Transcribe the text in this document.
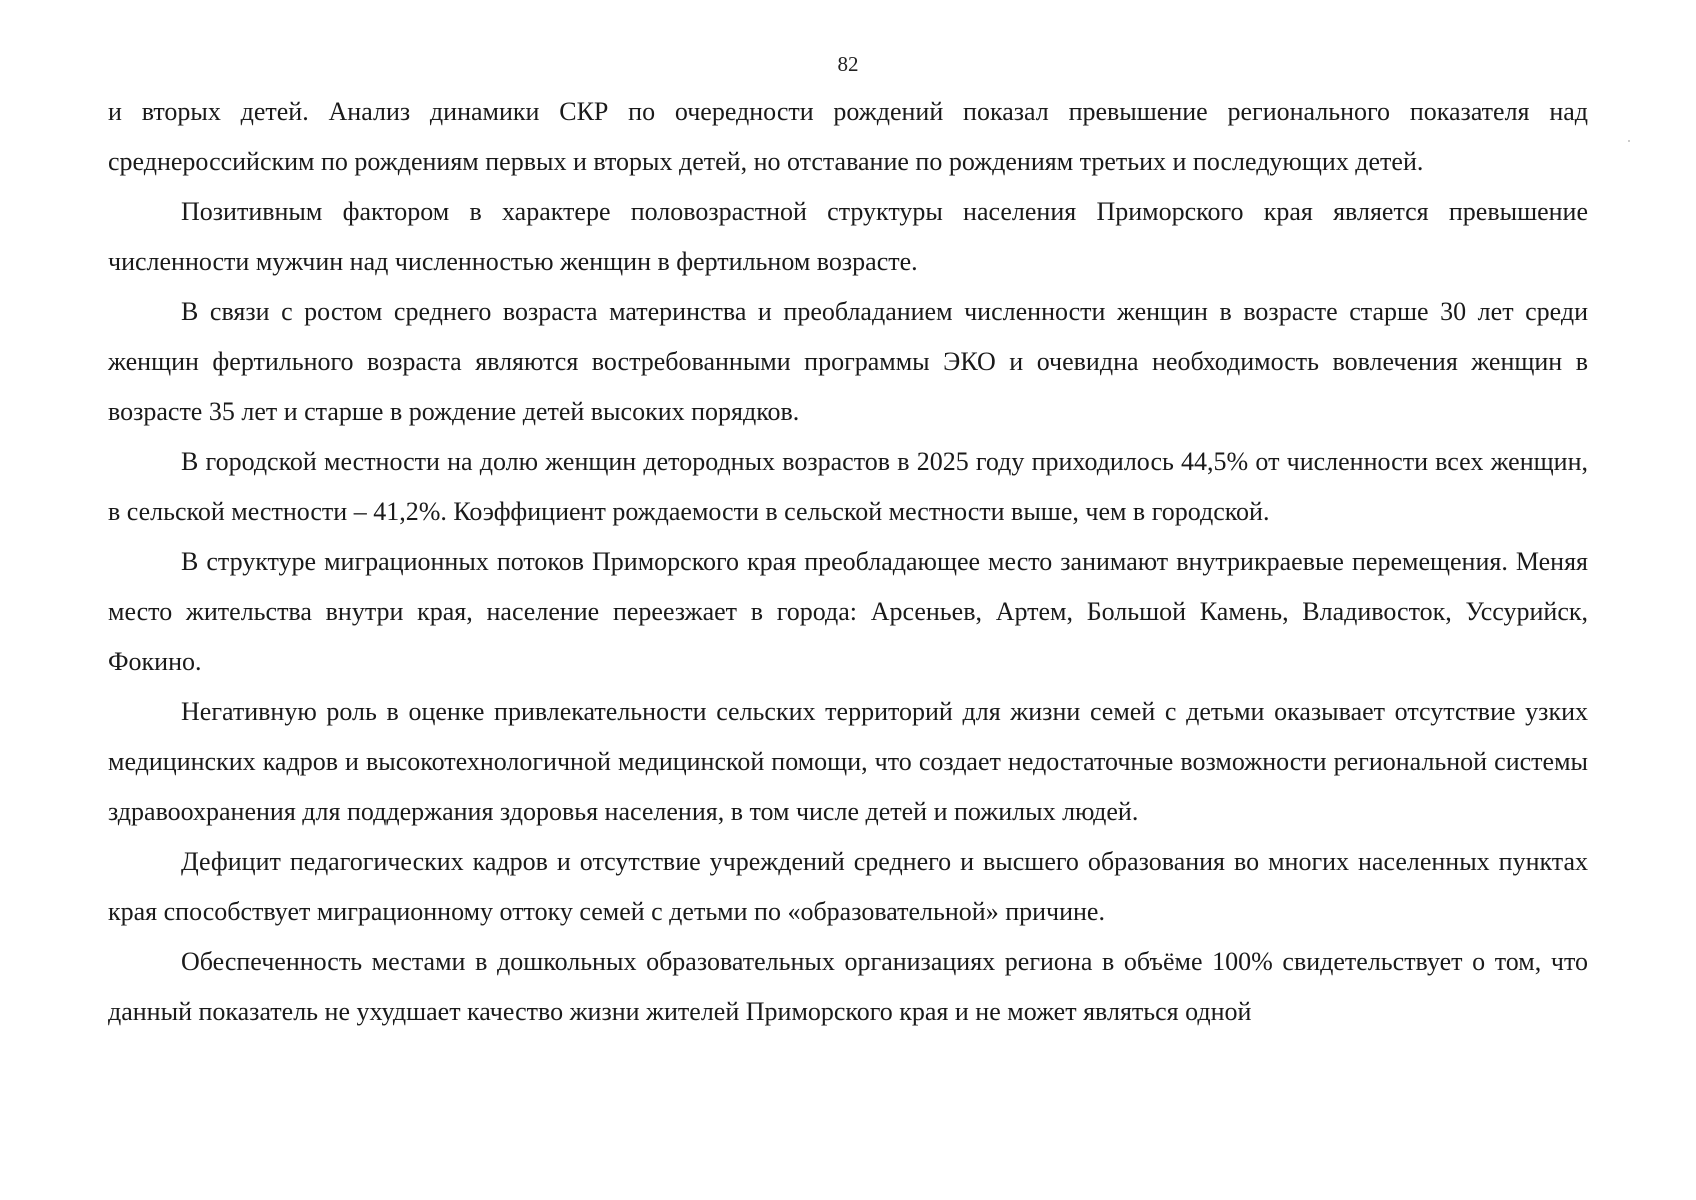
82

и вторых детей. Анализ динамики СКР по очередности рождений показал превышение регионального показателя над среднероссийским по рождениям первых и вторых детей, но отставание по рождениям третьих и последующих детей.

Позитивным фактором в характере половозрастной структуры населения Приморского края является превышение численности мужчин над численностью женщин в фертильном возрасте.

В связи с ростом среднего возраста материнства и преобладанием численности женщин в возрасте старше 30 лет среди женщин фертильного возраста являются востребованными программы ЭКО и очевидна необходимость вовлечения женщин в возрасте 35 лет и старше в рождение детей высоких порядков.

В городской местности на долю женщин детородных возрастов в 2025 году приходилось 44,5% от численности всех женщин, в сельской местности – 41,2%. Коэффициент рождаемости в сельской местности выше, чем в городской.

В структуре миграционных потоков Приморского края преобладающее место занимают внутрикраевые перемещения. Меняя место жительства внутри края, население переезжает в города: Арсеньев, Артем, Большой Камень, Владивосток, Уссурийск, Фокино.

Негативную роль в оценке привлекательности сельских территорий для жизни семей с детьми оказывает отсутствие узких медицинских кадров и высокотехнологичной медицинской помощи, что создает недостаточные возможности региональной системы здравоохранения для поддержания здоровья населения, в том числе детей и пожилых людей.

Дефицит педагогических кадров и отсутствие учреждений среднего и высшего образования во многих населенных пунктах края способствует миграционному оттоку семей с детьми по «образовательной» причине.

Обеспеченность местами в дошкольных образовательных организациях региона в объёме 100% свидетельствует о том, что данный показатель не ухудшает качество жизни жителей Приморского края и не может являться одной
